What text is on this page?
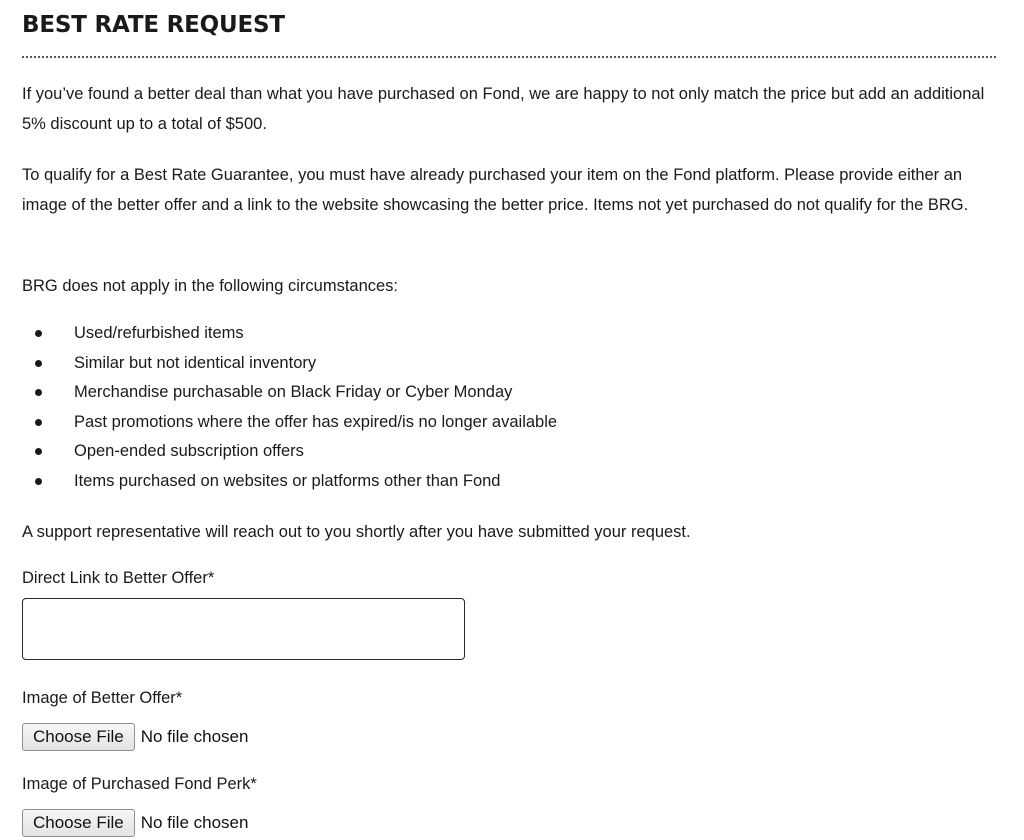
BEST RATE REQUEST

If you’ve found a better deal than what you have purchased on Fond, we are happy to not only match the price but add an additional 5% discount up to a total of $500.

To qualify for a Best Rate Guarantee, you must have already purchased your item on the Fond platform. Please provide either an image of the better offer and a link to the website showcasing the better price. Items not yet purchased do not qualify for the BRG.

BRG does not apply in the following circumstances:

Used/refurbished items
Similar but not identical inventory
Merchandise purchasable on Black Friday or Cyber Monday
Past promotions where the offer has expired/is no longer available
Open-ended subscription offers
Items purchased on websites or platforms other than Fond

A support representative will reach out to you shortly after you have submitted your request.

Direct Link to Better Offer*
Image of Better Offer*
Choose File	No file chosen
Image of Purchased Fond Perk*
Choose File	No file chosen
